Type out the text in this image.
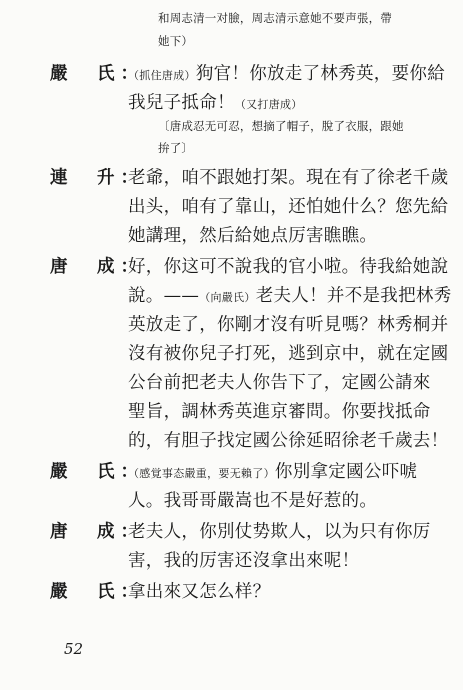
和周志清一对臉，周志清示意她不要声張，帶
她下）
嚴　氏：
（抓住唐成）狗官！你放走了林秀英，要你給
我兒子抵命！（又打唐成）
〔唐成忍无可忍，想摘了帽子，脫了衣服，跟她
拚了〕
連　升：
老爺，咱不跟她打架。現在有了徐老千歲
出头，咱有了靠山，还怕她什么？您先給
她講理，然后給她点厉害瞧瞧。
唐　成：
好，你这可不說我的官小啦。待我給她說
說。——（向嚴氏）老夫人！并不是我把林秀
英放走了，你剛才沒有听見嗎？林秀桐并
沒有被你兒子打死，逃到京中，就在定國
公台前把老夫人你告下了，定國公請來
聖旨，調林秀英進京審問。你要找抵命
的，有胆子找定國公徐延昭徐老千歲去！
嚴　氏：
（感覚事态嚴重，要无賴了）你別拿定國公吓唬
人。我哥哥嚴嵩也不是好惹的。
唐　成：
老夫人，你別仗势欺人，以为只有你厉
害，我的厉害还沒拿出來呢！
嚴　氏：
拿出來又怎么样？
52
